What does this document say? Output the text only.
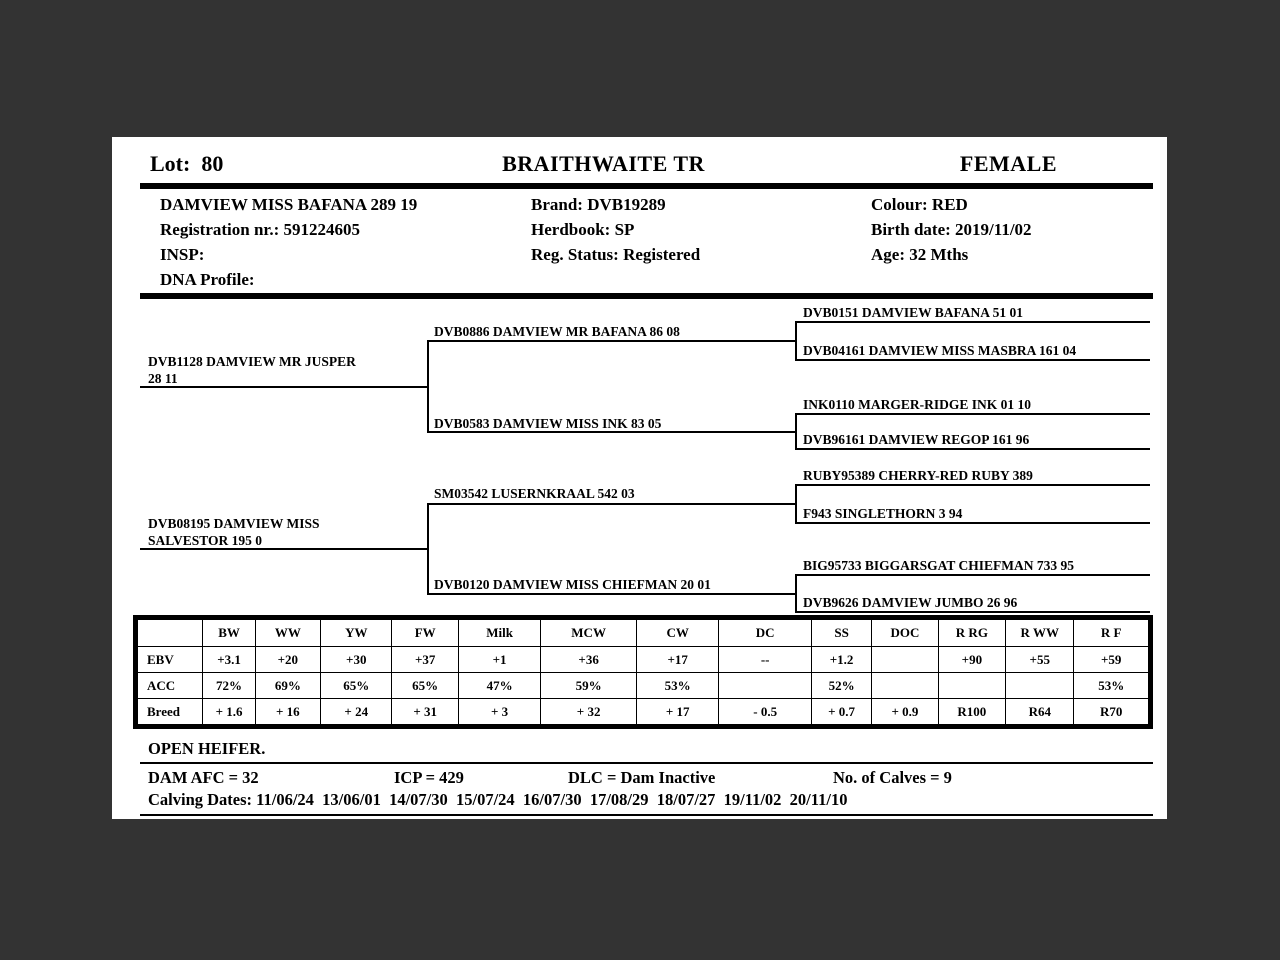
Lot:  80	BRAITHWAITE TR	FEMALE
DAMVIEW MISS BAFANA 289 19
Registration nr.: 591224605
INSP:
DNA Profile:
Brand: DVB19289
Herdbook: SP
Reg. Status: Registered
Colour: RED
Birth date: 2019/11/02
Age: 32 Mths
DVB1128 DAMVIEW MR JUSPER 28 11
DVB08195 DAMVIEW MISS SALVESTOR 195 0
DVB0886 DAMVIEW MR BAFANA 86 08
DVB0583 DAMVIEW MISS INK 83 05
SM03542 LUSERNKRAAL 542 03
DVB0120 DAMVIEW MISS CHIEFMAN 20 01
DVB0151 DAMVIEW BAFANA 51 01
DVB04161 DAMVIEW MISS MASBRA 161 04
INK0110 MARGER-RIDGE INK 01 10
DVB96161 DAMVIEW REGOP 161 96
RUBY95389 CHERRY-RED RUBY 389
F943 SINGLETHORN 3 94
BIG95733 BIGGARSGAT CHIEFMAN 733 95
DVB9626 DAMVIEW JUMBO 26 96
	BW	WW	YW	FW	Milk	MCW	CW	DC	SS	DOC	R RG	R WW	R F
EBV	+3.1	+20	+30	+37	+1	+36	+17	--	+1.2		+90	+55	+59
ACC	72%	69%	65%	65%	47%	59%	53%		52%				53%
Breed	+ 1.6	+ 16	+ 24	+ 31	+ 3	+ 32	+ 17	- 0.5	+ 0.7	+ 0.9	R100	R64	R70
OPEN HEIFER.
DAM AFC = 32	ICP = 429	DLC = Dam Inactive	No. of Calves = 9
Calving Dates: 11/06/24  13/06/01  14/07/30  15/07/24  16/07/30  17/08/29  18/07/27  19/11/02  20/11/10
